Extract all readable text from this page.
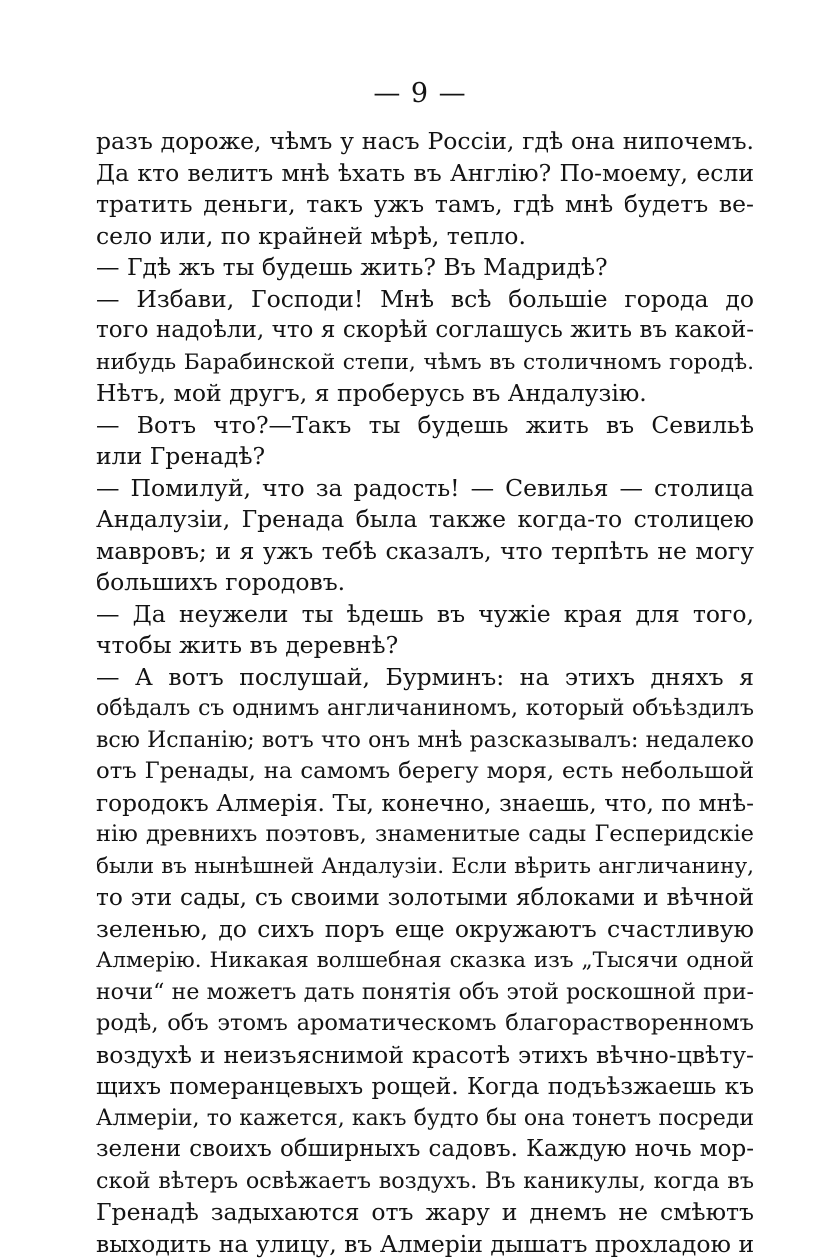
— 9 —
разъ дороже, чѣмъ у насъ Россіи, гдѣ она нипочемъ.
Да кто велитъ мнѣ ѣхать въ Англію? По-моему, если
тратить деньги, такъ ужъ тамъ, гдѣ мнѣ будетъ ве-
село или, по крайней мѣрѣ, тепло.
— Гдѣ жъ ты будешь жить? Въ Мадридѣ?
— Избави, Господи! Мнѣ всѣ большіе города до
того надоѣли, что я скорѣй соглашусь жить въ какой-
нибудь Барабинской степи, чѣмъ въ столичномъ городѣ.
Нѣтъ, мой другъ, я проберусь въ Андалузію.
— Вотъ что?—Такъ ты будешь жить въ Севильѣ
или Гренадѣ?
— Помилуй, что за радость! — Севилья — столица
Андалузіи, Гренада была также когда-то столицею
мавровъ; и я ужъ тебѣ сказалъ, что терпѣть не могу
большихъ городовъ.
— Да неужели ты ѣдешь въ чужіе края для того,
чтобы жить въ деревнѣ?
— А вотъ послушай, Бурминъ: на этихъ дняхъ я
обѣдалъ съ однимъ англичаниномъ, который объѣздилъ
всю Испанію; вотъ что онъ мнѣ разсказывалъ: недалеко
отъ Гренады, на самомъ берегу моря, есть небольшой
городокъ Алмерія. Ты, конечно, знаешь, что, по мнѣ-
нію древнихъ поэтовъ, знаменитые сады Гесперидскіе
были въ нынѣшней Андалузіи. Если вѣрить англичанину,
то эти сады, съ своими золотыми яблоками и вѣчной
зеленью, до сихъ поръ еще окружаютъ счастливую
Алмерію. Никакая волшебная сказка изъ „Тысячи одной
ночи“ не можетъ дать понятія объ этой роскошной при-
родѣ, объ этомъ ароматическомъ благорастворенномъ
воздухѣ и неизъяснимой красотѣ этихъ вѣчно-цвѣту-
щихъ померанцевыхъ рощей. Когда подъѣзжаешь къ
Алмеріи, то кажется, какъ будто бы она тонетъ посреди
зелени своихъ обширныхъ садовъ. Каждую ночь мор-
ской вѣтеръ освѣжаетъ воздухъ. Въ каникулы, когда въ
Гренадѣ задыхаются отъ жару и днемъ не смѣютъ
выходить на улицу, въ Алмеріи дышатъ прохладою и
